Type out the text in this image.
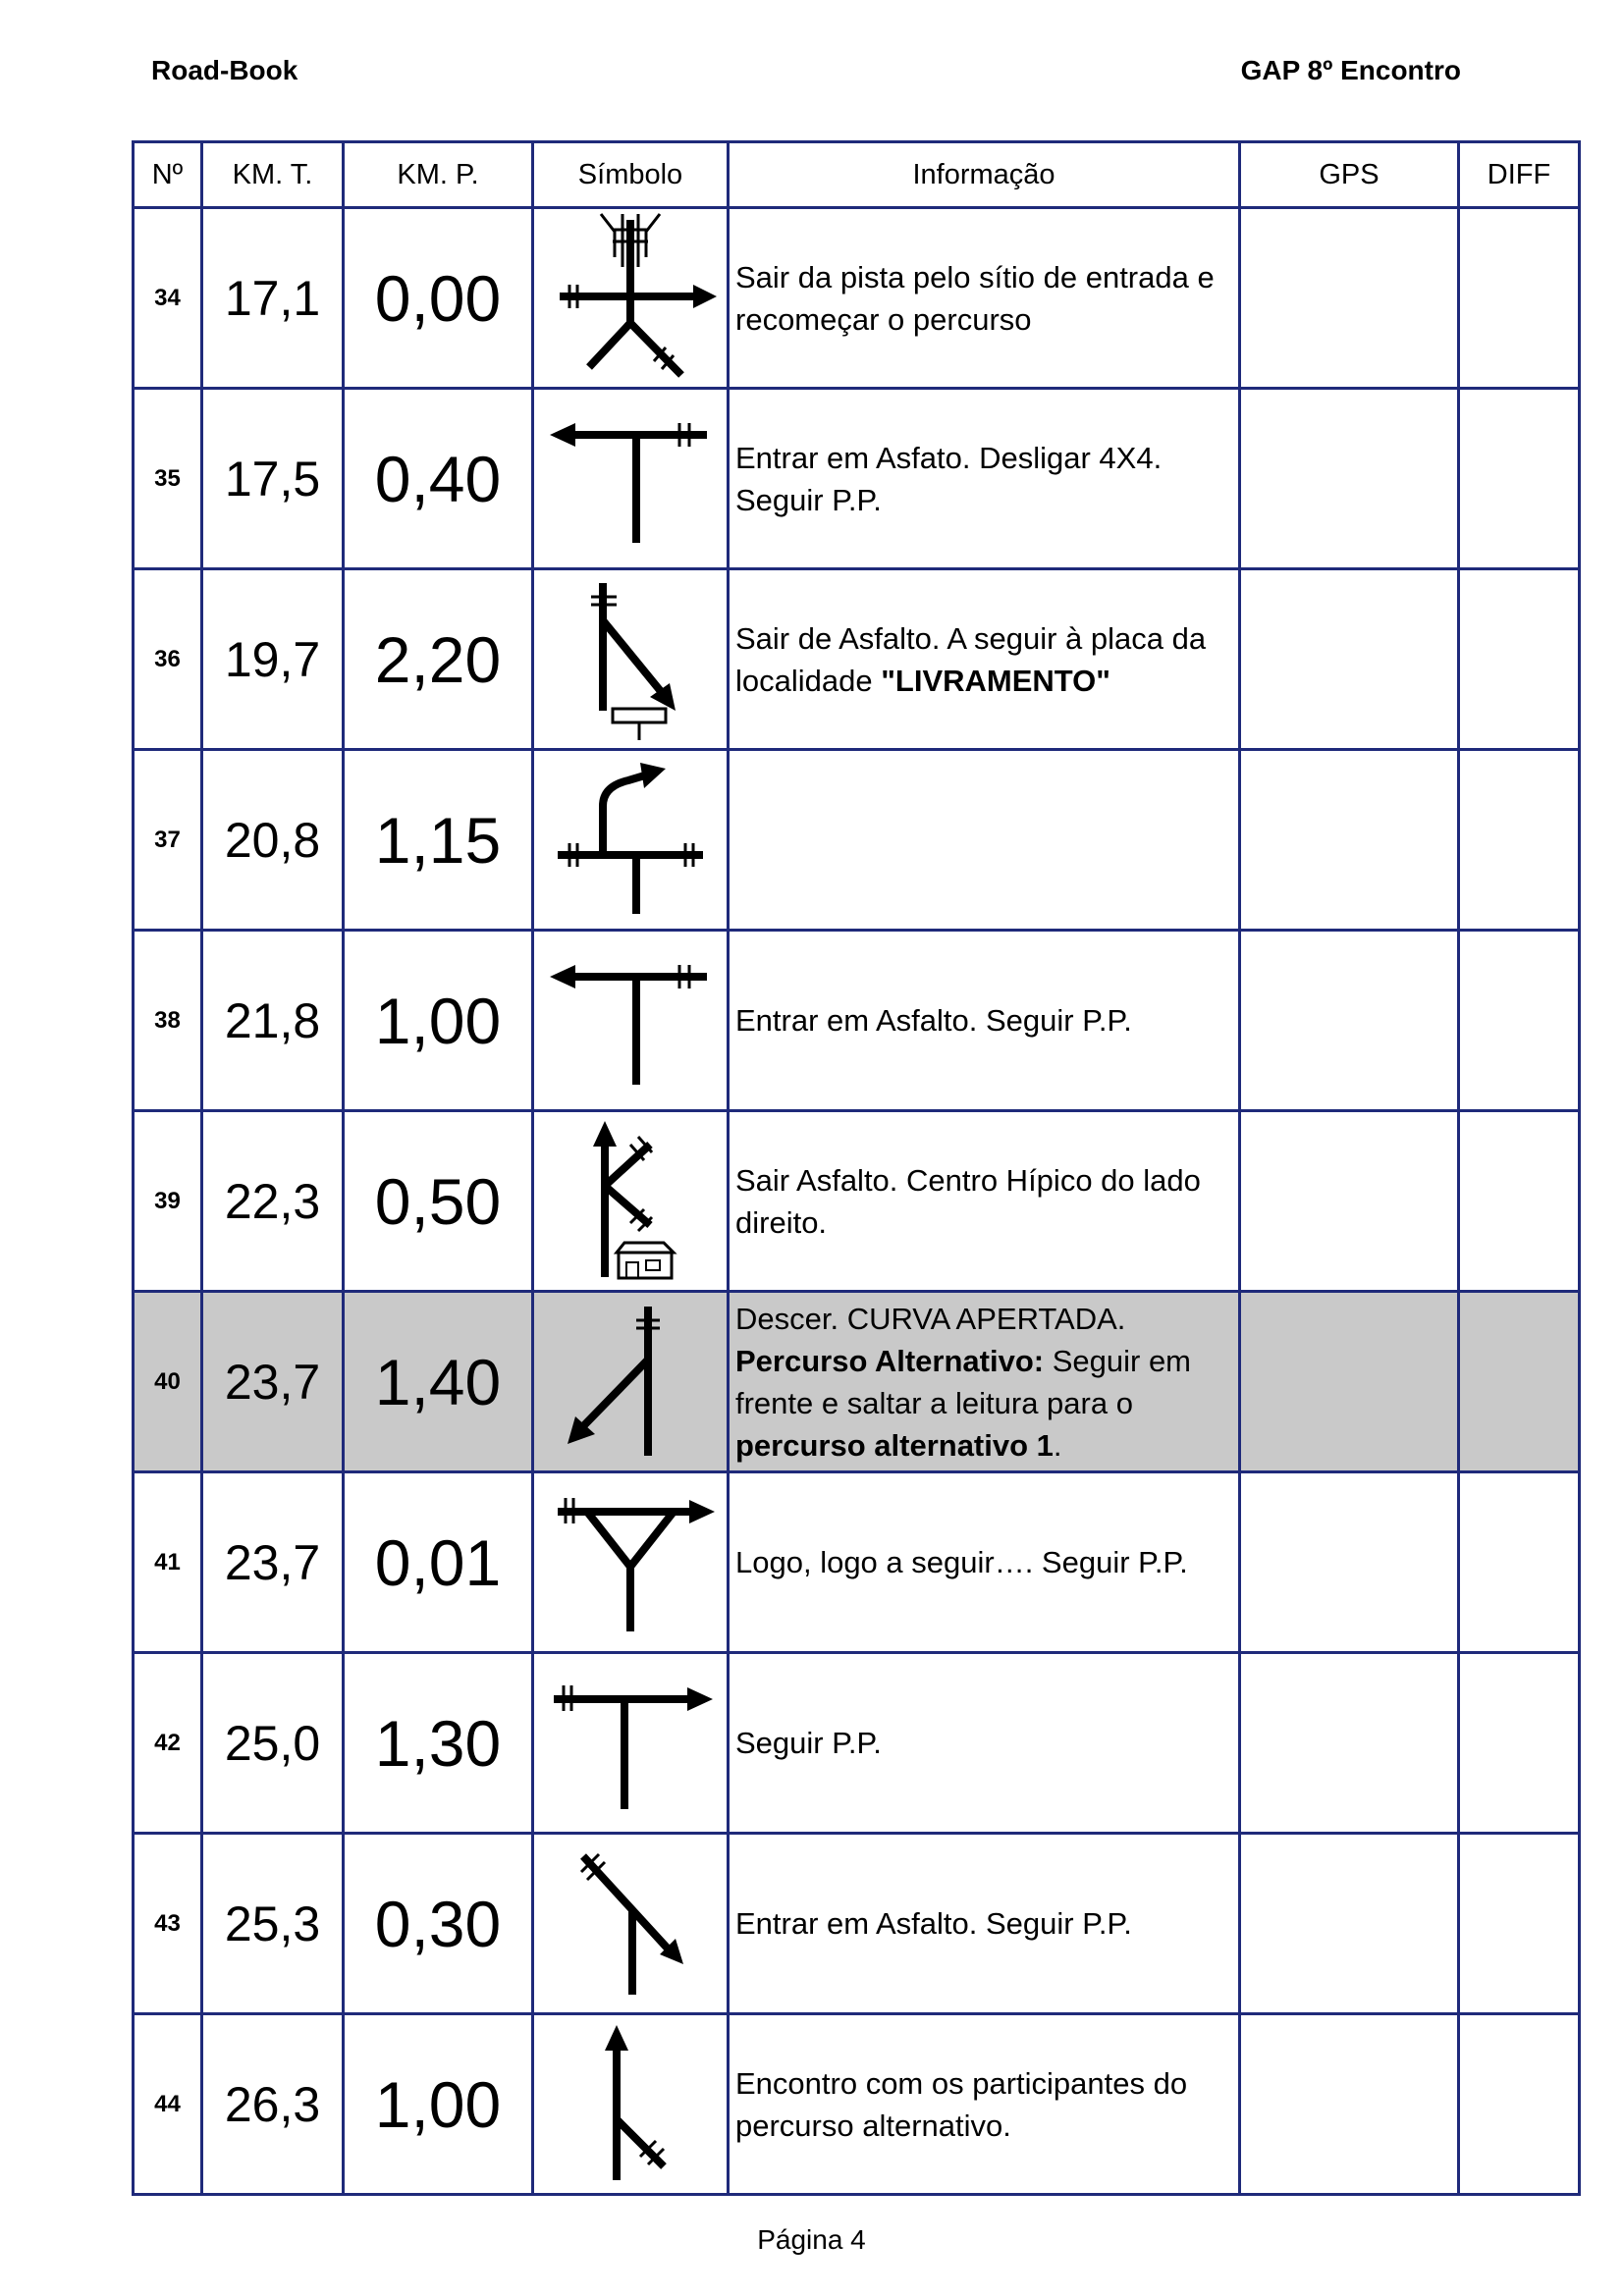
Road-Book	GAP 8º Encontro
Nº	KM. T.	KM. P.	Símbolo	Informação	GPS	DIFF
34	17,1	0,00		Sair da pista pelo sítio de entrada e recomeçar o percurso		
35	17,5	0,40		Entrar em Asfato. Desligar 4X4. Seguir P.P.		
36	19,7	2,20		Sair de Asfalto. A seguir à placa da localidade "LIVRAMENTO"		
37	20,8	1,15	

38	21,8	1,00		Entrar em Asfalto. Seguir P.P.		
39	22,3	0,50		Sair Asfalto. Centro Hípico do lado direito.		
40	23,7	1,40		Descer. CURVA APERTADA.
Percurso Alternativo: Seguir em frente e saltar a leitura para o percurso alternativo 1.		
41	23,7	0,01		Logo, logo a seguir…. Seguir P.P.		
42	25,0	1,30		Seguir P.P.		
43	25,3	0,30		Entrar em Asfalto. Seguir P.P.		
44	26,3	1,00		Encontro com os participantes do percurso alternativo.		
Página 4
